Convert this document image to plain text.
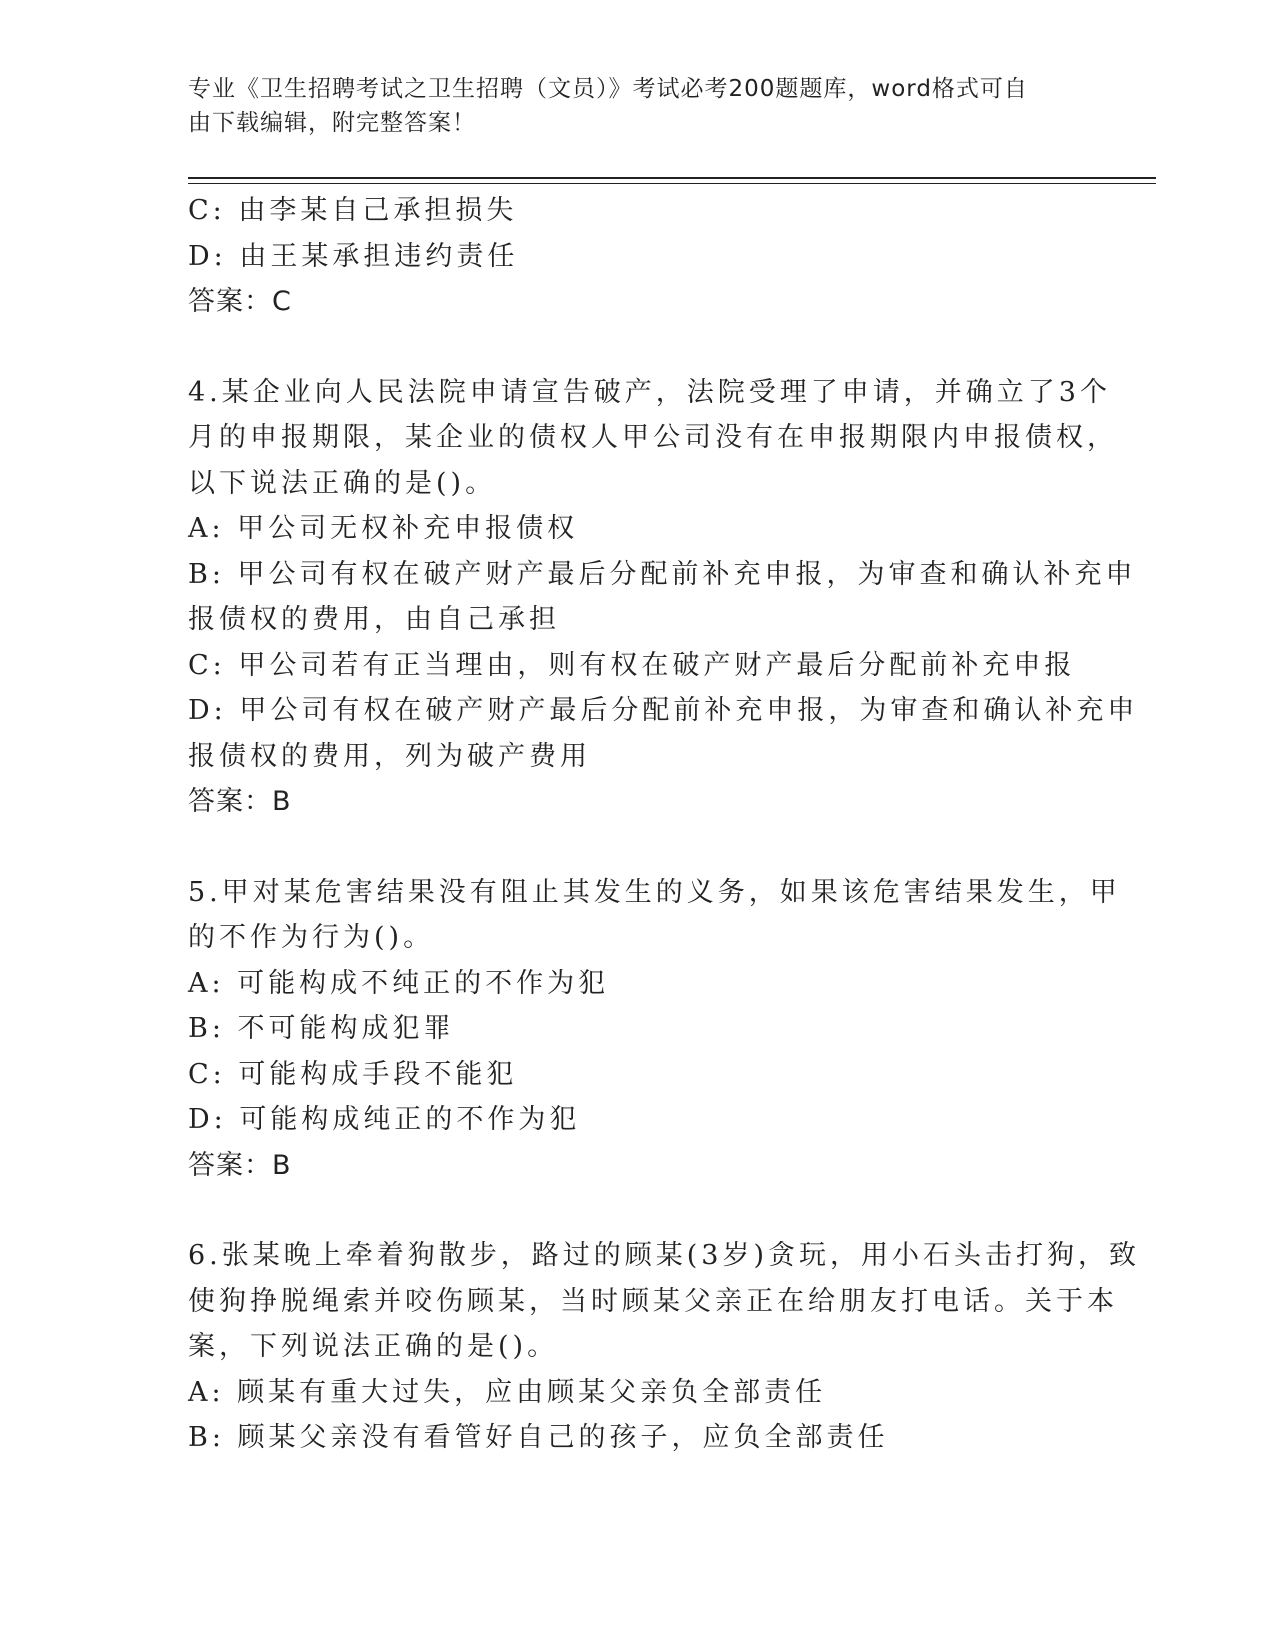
专业《卫生招聘考试之卫生招聘（文员）》考试必考200题题库，word格式可自
由下载编辑，附完整答案！
C: 由李某自己承担损失
D: 由王某承担违约责任
答案：C
4.某企业向人民法院申请宣告破产，法院受理了申请，并确立了3个
月的申报期限，某企业的债权人甲公司没有在申报期限内申报债权，
以下说法正确的是()。
A: 甲公司无权补充申报债权
B: 甲公司有权在破产财产最后分配前补充申报，为审查和确认补充申
报债权的费用，由自己承担
C: 甲公司若有正当理由，则有权在破产财产最后分配前补充申报
D: 甲公司有权在破产财产最后分配前补充申报，为审查和确认补充申
报债权的费用，列为破产费用
答案：B
5.甲对某危害结果没有阻止其发生的义务，如果该危害结果发生，甲
的不作为行为()。
A: 可能构成不纯正的不作为犯
B: 不可能构成犯罪
C: 可能构成手段不能犯
D: 可能构成纯正的不作为犯
答案：B
6.张某晚上牵着狗散步，路过的顾某(3岁)贪玩，用小石头击打狗，致
使狗挣脱绳索并咬伤顾某，当时顾某父亲正在给朋友打电话。关于本
案，下列说法正确的是()。
A: 顾某有重大过失，应由顾某父亲负全部责任
B: 顾某父亲没有看管好自己的孩子，应负全部责任
